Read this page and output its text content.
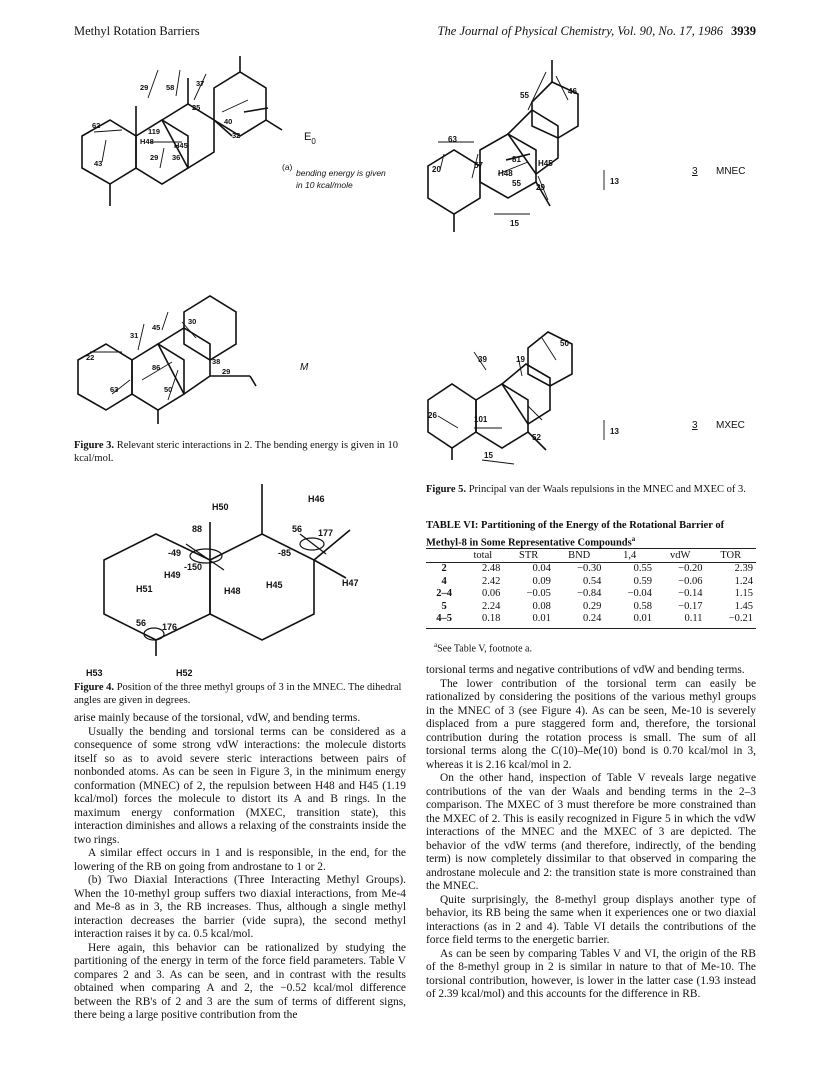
Methyl Rotation Barriers	The Journal of Physical Chemistry, Vol. 90, No. 17, 1986 3939
29 58	37
25
40
62
119
H48	H45
32
43
29 36
$E_0$
(a)
bending energy is given
in 10 kcal/mole
31
45
30
22
86
38
29
63	50
M
Figure 3. Relevant steric interactions in 2. The bending energy is given in 10 kcal/mol.
H50
H46
88
-49
56 177
-85
H49
-150
H51	H48
H45	H47
56 176
H53	H52
Figure 4. Position of the three methyl groups of 3 in the MNEC. The dihedral angles are given in degrees.

arise mainly because of the torsional, vdW, and bending terms.

Usually the bending and torsional terms can be considered as a consequence of some strong vdW interactions: the molecule distorts itself so as to avoid severe steric interactions between pairs of nonbonded atoms. As can be seen in Figure 3, in the minimum energy conformation (MNEC) of 2, the repulsion between H48 and H45 (1.19 kcal/mol) forces the molecule to distort its A and B rings. In the maximum energy conformation (MXEC, transition state), this interaction diminishes and allows a relaxing of the constraints inside the two rings.

A similar effect occurs in 1 and is responsible, in the end, for the lowering of the RB on going from androstane to 1 or 2.

(b) Two Diaxial Interactions (Three Interacting Methyl Groups). When the 10-methyl group suffers two diaxial interactions, from Me-4 and Me-8 as in 3, the RB increases. Thus, although a single methyl interaction decreases the barrier (vide supra), the second methyl interaction raises it by ca. 0.5 kcal/mol.

Here again, this behavior can be rationalized by studying the partitioning of the energy in term of the force field parameters. Table V compares 2 and 3. As can be seen, and in contrast with the results obtained when comparing A and 2, the −0.52 kcal/mol difference between the RB's of 2 and 3 are the sum of terms of different signs, there being a large positive contribution from the

55	46
63
20	57
81 H45
H48
55 29
13
15
3 MNEC
50
39	19
26	101
52
13
15
3 MXEC
Figure 5. Principal van der Waals repulsions in the MNEC and MXEC of 3.
TABLE VI: Partitioning of the Energy of the Rotational Barrier of Methyl-8 in Some Representative Compounds$^a$
	total	STR	BND	1,4	vdW	TOR
2	2.48	0.04	−0.30	0.55	−0.20	2.39
4	2.42	0.09	0.54	0.59	−0.06	1.24
2–4	0.06	−0.05	−0.84	−0.04	−0.14	1.15
5	2.24	0.08	0.29	0.58	−0.17	1.45
4–5	0.18	0.01	0.24	0.01	0.11	−0.21
$^a$See Table V, footnote a.

torsional terms and negative contributions of vdW and bending terms.

The lower contribution of the torsional term can easily be rationalized by considering the positions of the various methyl groups in the MNEC of 3 (see Figure 4). As can be seen, Me-10 is severely displaced from a pure staggered form and, therefore, the torsional contribution during the rotation process is small. The sum of all torsional terms along the C(10)–Me(10) bond is 0.70 kcal/mol in 3, whereas it is 2.16 kcal/mol in 2.

On the other hand, inspection of Table V reveals large negative contributions of the van der Waals and bending terms in the 2–3 comparison. The MXEC of 3 must therefore be more constrained than the MXEC of 2. This is easily recognized in Figure 5 in which the vdW interactions of the MNEC and the MXEC of 3 are depicted. The behavior of the vdW terms (and therefore, indirectly, of the bending term) is now completely dissimilar to that observed in comparing the androstane molecule and 2: the transition state is more constrained than the MNEC.

Quite surprisingly, the 8-methyl group displays another type of behavior, its RB being the same when it experiences one or two diaxial interactions (as in 2 and 4). Table VI details the contributions of the force field terms to the energetic barrier.

As can be seen by comparing Tables V and VI, the origin of the RB of the 8-methyl group in 2 is similar in nature to that of Me-10. The torsional contribution, however, is lower in the latter case (1.93 instead of 2.39 kcal/mol) and this accounts for the difference in RB.
